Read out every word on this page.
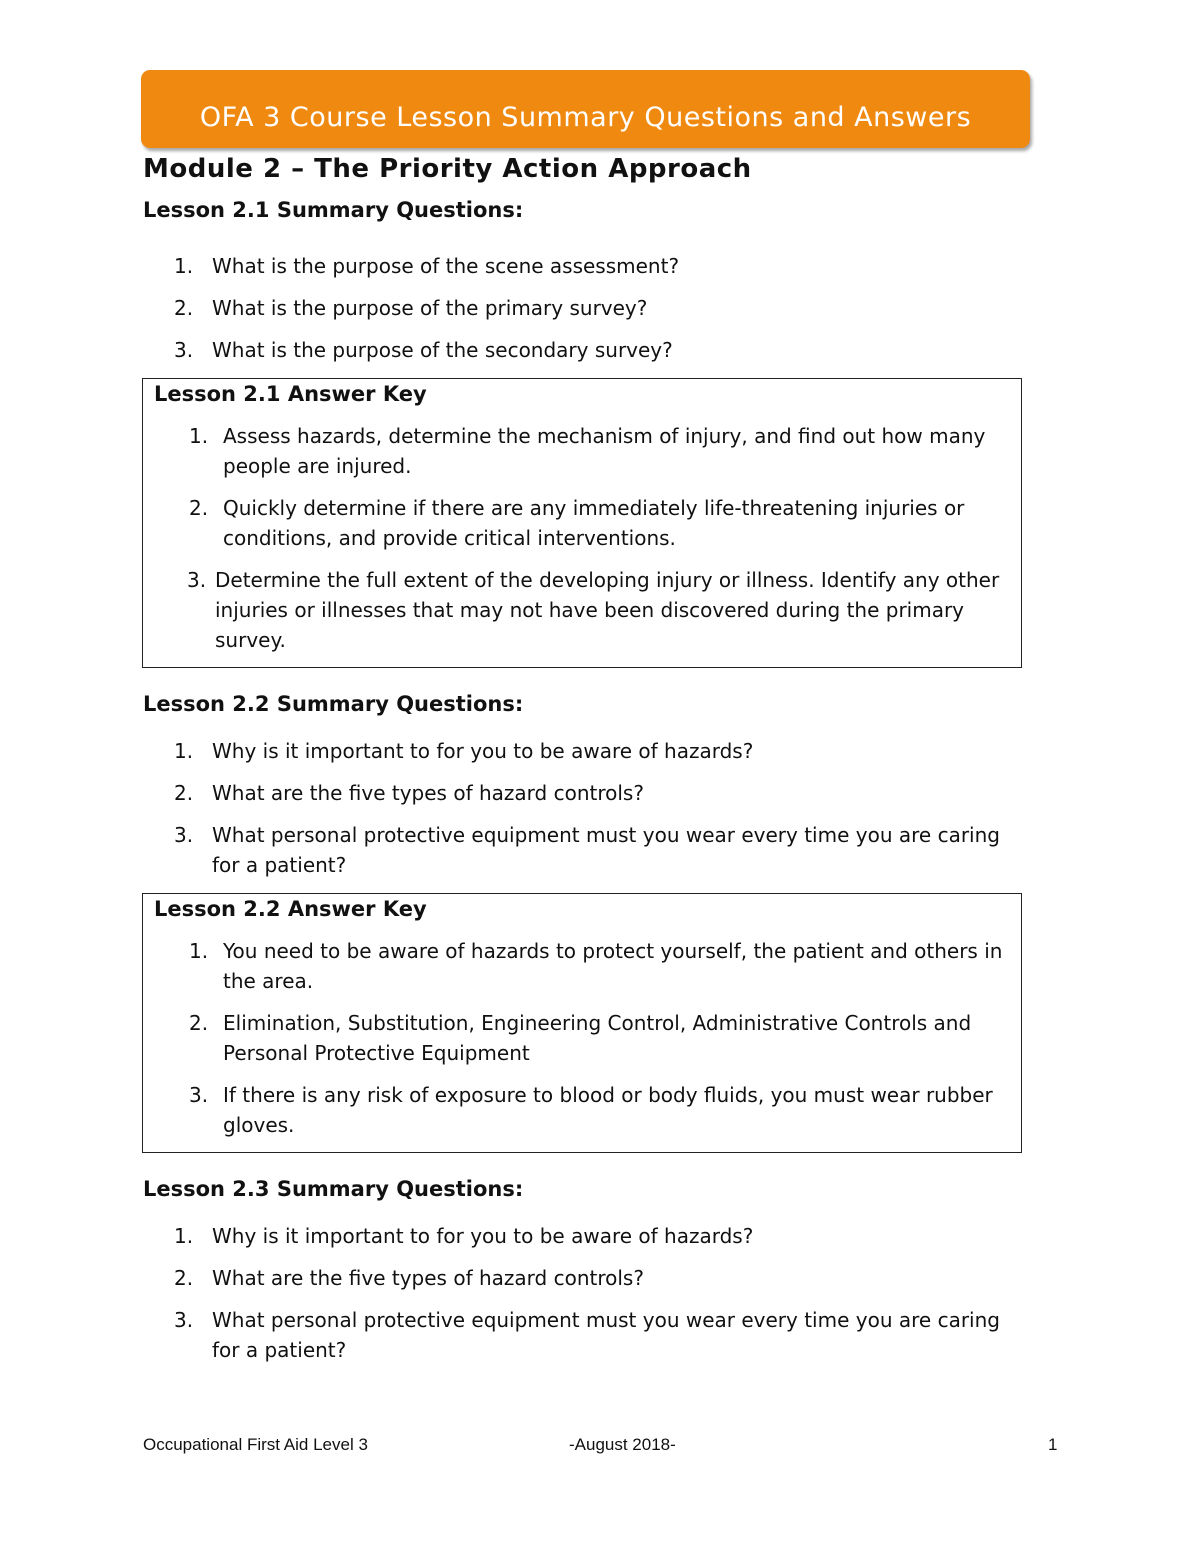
OFA 3 Course Lesson Summary Questions and Answers
Module 2 – The Priority Action Approach
Lesson 2.1 Summary Questions:
1. What is the purpose of the scene assessment?
2. What is the purpose of the primary survey?
3. What is the purpose of the secondary survey?
Lesson 2.1 Answer Key
1. Assess hazards, determine the mechanism of injury, and find out how many people are injured.
2. Quickly determine if there are any immediately life-threatening injuries or conditions, and provide critical interventions.
3. Determine the full extent of the developing injury or illness. Identify any other injuries or illnesses that may not have been discovered during the primary survey.
Lesson 2.2 Summary Questions:
1. Why is it important to for you to be aware of hazards?
2. What are the five types of hazard controls?
3. What personal protective equipment must you wear every time you are caring for a patient?
Lesson 2.2 Answer Key
1. You need to be aware of hazards to protect yourself, the patient and others in the area.
2. Elimination, Substitution, Engineering Control, Administrative Controls and Personal Protective Equipment
3. If there is any risk of exposure to blood or body fluids, you must wear rubber gloves.
Lesson 2.3 Summary Questions:
1. Why is it important to for you to be aware of hazards?
2. What are the five types of hazard controls?
3. What personal protective equipment must you wear every time you are caring for a patient?
Occupational First Aid Level 3	-August 2018-	1
